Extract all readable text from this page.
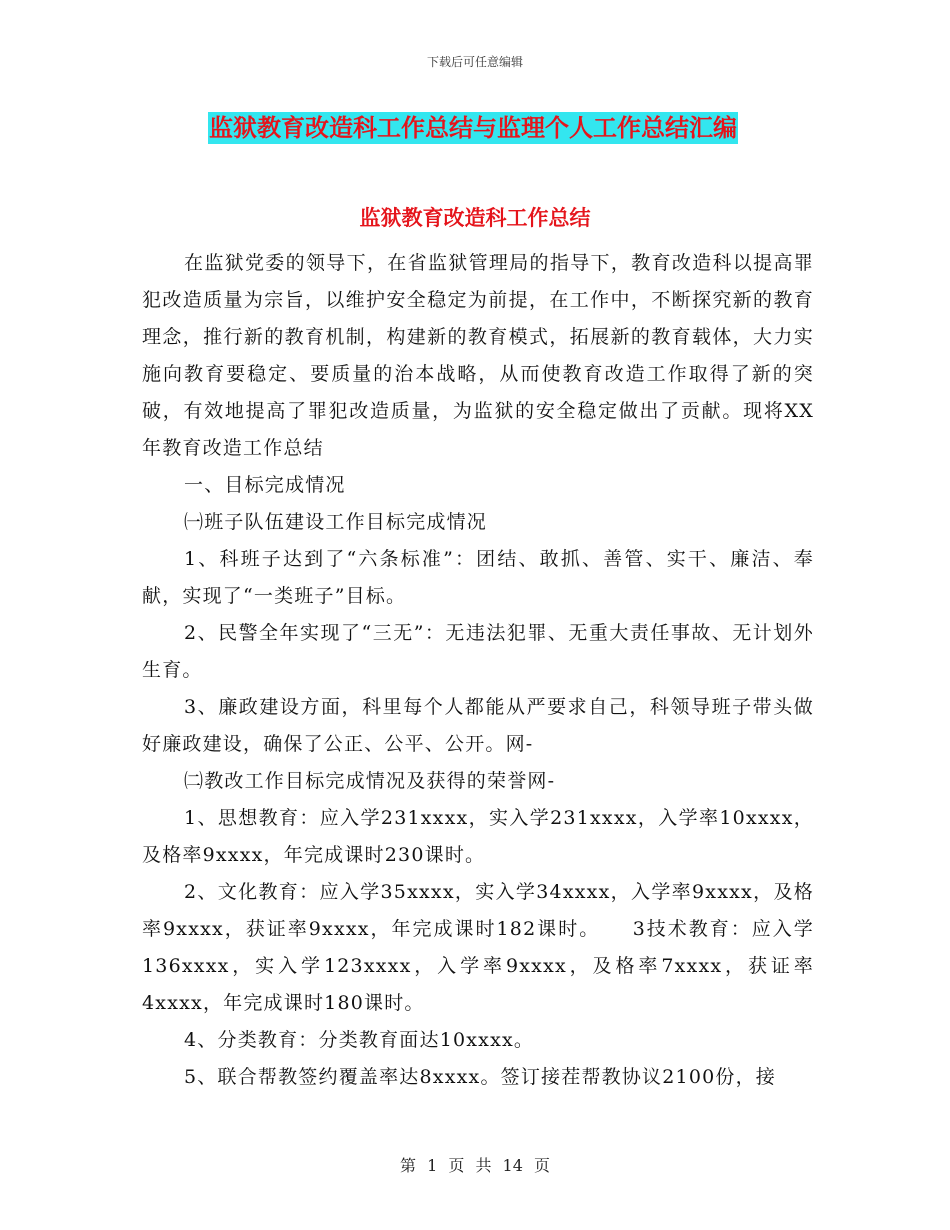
下载后可任意编辑
监狱教育改造科工作总结与监理个人工作总结汇编
监狱教育改造科工作总结

在监狱党委的领导下，在省监狱管理局的指导下，教育改造科以提高罪犯改造质量为宗旨，以维护安全稳定为前提，在工作中，不断探究新的教育理念，推行新的教育机制，构建新的教育模式，拓展新的教育载体，大力实施向教育要稳定、要质量的治本战略，从而使教育改造工作取得了新的突破，有效地提高了罪犯改造质量，为监狱的安全稳定做出了贡献。现将XX年教育改造工作总结

一、目标完成情况

㈠班子队伍建设工作目标完成情况

1、科班子达到了“六条标准”：团结、敢抓、善管、实干、廉洁、奉献，实现了“一类班子”目标。

2、民警全年实现了“三无”：无违法犯罪、无重大责任事故、无计划外生育。

3、廉政建设方面，科里每个人都能从严要求自己，科领导班子带头做好廉政建设，确保了公正、公平、公开。网-

㈡教改工作目标完成情况及获得的荣誉网-

1、思想教育：应入学231xxxx，实入学231xxxx，入学率10xxxx，及格率9xxxx，年完成课时230课时。

2、文化教育：应入学35xxxx，实入学34xxxx，入学率9xxxx，及格率9xxxx，获证率9xxxx，年完成课时182课时。　　3技术教育：应入学136xxxx，实入学123xxxx，入学率9xxxx，及格率7xxxx，获证率4xxxx，年完成课时180课时。

4、分类教育：分类教育面达10xxxx。

5、联合帮教签约覆盖率达8xxxx。签订接茬帮教协议2100份，接

第 1 页 共 14 页
